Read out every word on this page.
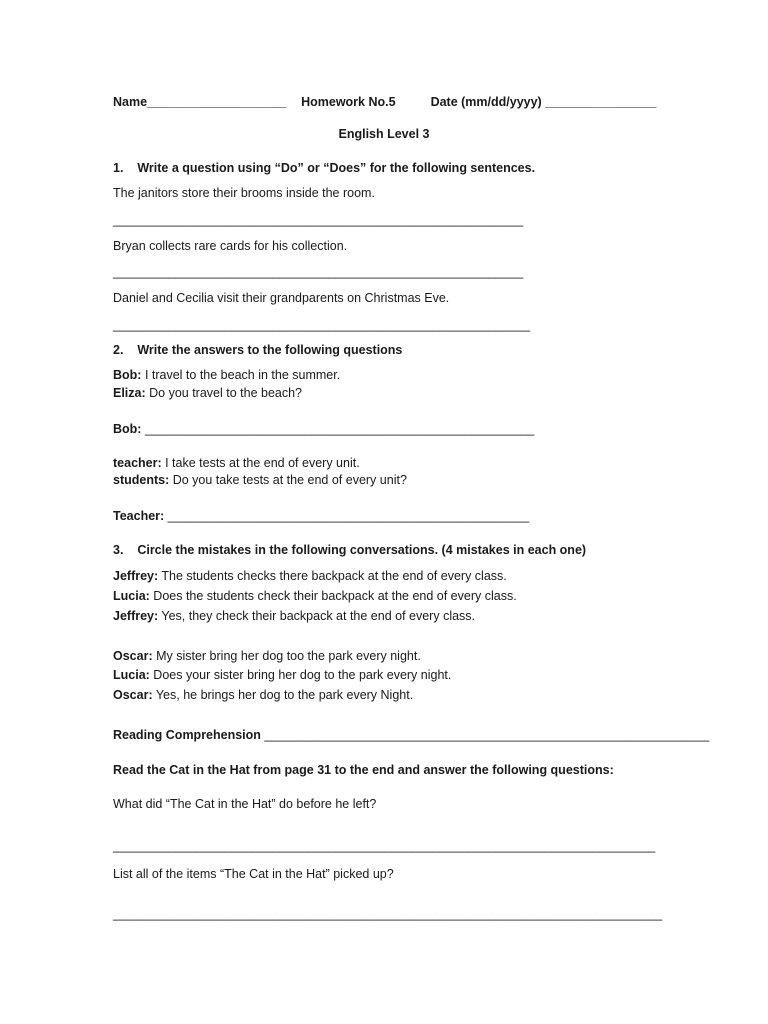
Name____________________ Homework No.5	Date (mm/dd/yyyy) ________________
English Level 3
1.    Write a question using “Do” or “Does” for the following sentences.
The janitors store their brooms inside the room.
___________________________________________________________
Bryan collects rare cards for his collection.
___________________________________________________________
Daniel and Cecilia visit their grandparents on Christmas Eve.
____________________________________________________________
2.    Write the answers to the following questions
Bob: I travel to the beach in the summer.
Eliza: Do you travel to the beach?
Bob: ________________________________________________________
teacher: I take tests at the end of every unit.
students: Do you take tests at the end of every unit?
Teacher: ____________________________________________________
3.    Circle the mistakes in the following conversations. (4 mistakes in each one)
Jeffrey: The students checks there backpack at the end of every class.
Lucia: Does the students check their backpack at the end of every class.
Jeffrey: Yes, they check their backpack at the end of every class.
Oscar: My sister bring her dog too the park every night.
Lucia: Does your sister bring her dog to the park every night.
Oscar: Yes, he brings her dog to the park every Night.
Reading Comprehension ________________________________________________________________
Read the Cat in the Hat from page 31 to the end and answer the following questions:
What did “The Cat in the Hat” do before he left?
______________________________________________________________________________
List all of the items “The Cat in the Hat” picked up?
_______________________________________________________________________________
